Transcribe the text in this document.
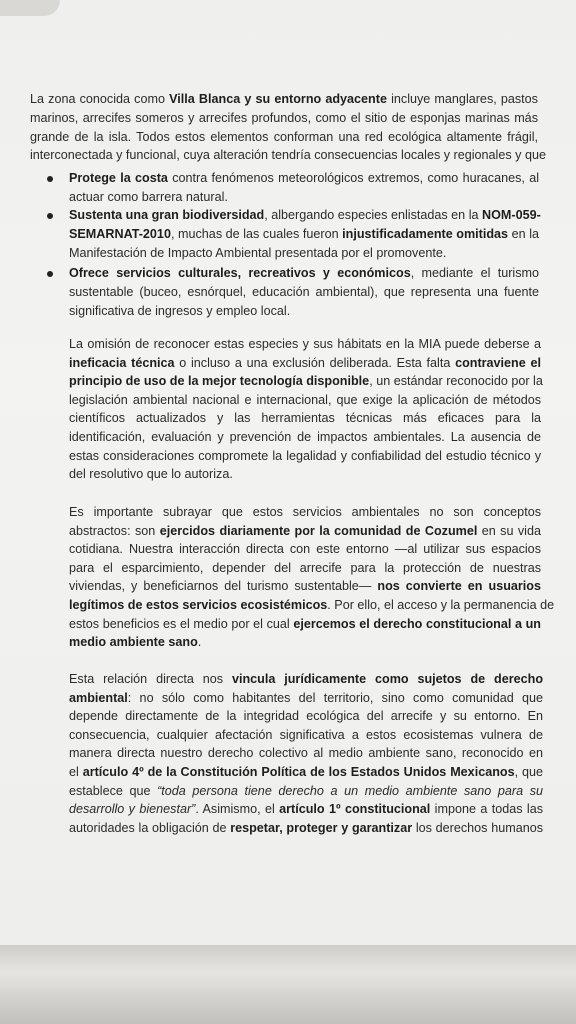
La zona conocida como Villa Blanca y su entorno adyacente incluye manglares, pastos
marinos, arrecifes someros y arrecifes profundos, como el sitio de esponjas marinas más
grande de la isla. Todos estos elementos conforman una red ecológica altamente frágil,
interconectada y funcional, cuya alteración tendría consecuencias locales y regionales y que
Protege la costa contra fenómenos meteorológicos extremos, como huracanes, al
actuar como barrera natural.
Sustenta una gran biodiversidad, albergando especies enlistadas en la NOM-059-
SEMARNAT-2010, muchas de las cuales fueron injustificadamente omitidas en la
Manifestación de Impacto Ambiental presentada por el promovente.
Ofrece servicios culturales, recreativos y económicos, mediante el turismo
sustentable (buceo, esnórquel, educación ambiental), que representa una fuente
significativa de ingresos y empleo local.
La omisión de reconocer estas especies y sus hábitats en la MIA puede deberse a
ineficacia técnica o incluso a una exclusión deliberada. Esta falta contraviene el
principio de uso de la mejor tecnología disponible, un estándar reconocido por la
legislación ambiental nacional e internacional, que exige la aplicación de métodos
científicos actualizados y las herramientas técnicas más eficaces para la
identificación, evaluación y prevención de impactos ambientales. La ausencia de
estas consideraciones compromete la legalidad y confiabilidad del estudio técnico y
del resolutivo que lo autoriza.
Es importante subrayar que estos servicios ambientales no son conceptos
abstractos: son ejercidos diariamente por la comunidad de Cozumel en su vida
cotidiana. Nuestra interacción directa con este entorno —al utilizar sus espacios
para el esparcimiento, depender del arrecife para la protección de nuestras
viviendas, y beneficiarnos del turismo sustentable— nos convierte en usuarios
legítimos de estos servicios ecosistémicos. Por ello, el acceso y la permanencia de
estos beneficios es el medio por el cual ejercemos el derecho constitucional a un
medio ambiente sano.
Esta relación directa nos vincula jurídicamente como sujetos de derecho
ambiental: no sólo como habitantes del territorio, sino como comunidad que
depende directamente de la integridad ecológica del arrecife y su entorno. En
consecuencia, cualquier afectación significativa a estos ecosistemas vulnera de
manera directa nuestro derecho colectivo al medio ambiente sano, reconocido en
el artículo 4º de la Constitución Política de los Estados Unidos Mexicanos, que
establece que “toda persona tiene derecho a un medio ambiente sano para su
desarrollo y bienestar”. Asimismo, el artículo 1º constitucional impone a todas las
autoridades la obligación de respetar, proteger y garantizar los derechos humanos
